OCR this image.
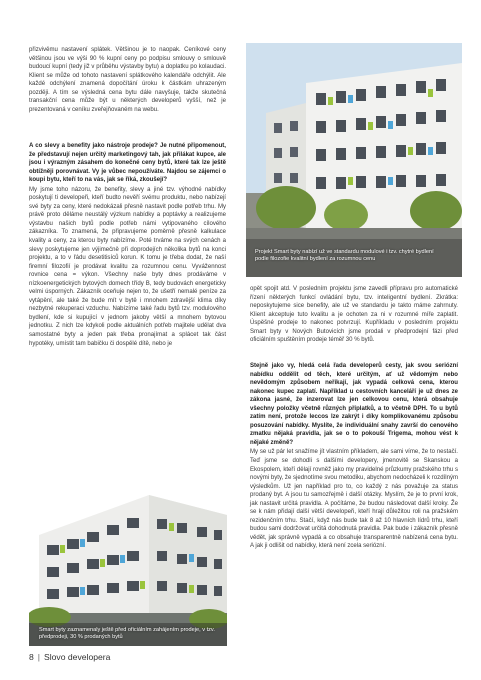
přizvivěmu nastavení splátek. Většinou je to naopak. Ceníkové ceny většinou jsou ve výši 90 % kupní ceny po podpisu smlouvy o smlouvě budoucí kupní (tedy již v průběhu výstavby bytu) a doplatku po kolaudaci. Klient se může od tohoto nastavení splátkového kalendáře odchýlit. Ale každé odchýlení znamená dopočítání úroku k částkám uhrazeným později. A tím se výsledná cena bytu dále navyšuje, takže skutečná transakční cena může být u některých developerů vyšší, než je prezentovaná v ceníku zveřejňovaném na webu.

A co slevy a benefity jako nástroje prodeje? Je nutné připomenout, že představují nejen určitý marketingový tah, jak přilákat kupce, ale jsou i výrazným zásahem do konečné ceny bytů, které tak lze ještě obtížněji porovnávat. Vy je vůbec nepoužíváte. Najdou se zájemci o koupi bytu, kteří to na vás, jak se říká, zkoušejí?

My jsme toho názoru, že benefity, slevy a jiné tzv. výhodné nabídky poskytují ti developeři, kteří budto nevěří svému produktu, nebo nabízejí své byty za ceny, které nedokázali přesně nastavit podle potřeb trhu. My právě proto děláme neustálý výzkum nabídky a poptávky a realizujeme výstavbu našich bytů podle potřeb námi vytipovaného cílového zákazníka. To znamená, že připravujeme poměrně přesně kalkulace kvality a ceny, za kterou byty nabízíme. Poté trváme na svých cenách a slevy poskytujeme jen výjimečně při doprodejích několika bytů na konci projektu, a to v řádu desetitisíců korun. K tomu je třeba dodat, že naší firemní filozofií je prodávat kvalitu za rozumnou cenu. Vyvážennost rovnice cena = výkon. Všechny naše byty dnes prodáváme v nízkoenergetických bytových domech třídy B, tedy budovách energeticky velmi úsporných. Zákazník oceňuje nejen to, že ušetří nemalé peníze za vytápění, ale také že bude mít v bytě i mnohem zdravější klima díky nezbytné rekuperaci vzduchu. Nabízíme také řadu bytů tzv. modulového bydlení, kde si kupující v jednom jakoby větší a mnohem bytovou jednotku. Z nich lze kdykoli podle aktuálních potřeb majitele udělat dva samostatné byty a jeden pak třeba pronajímat a splácet tak část hypotéky, umístit tam babičku či dospělé dítě, nebo je

Projekt Smart byty nabízí už ve standardu modulové i tzv. chytré bydlení podle filozofie kvalitní bydlení za rozumnou cenu

opět spojit atd. V posledním projektu jsme zavedli přípravu pro automatické řízení některých funkcí ovládání bytu, tzv. inteligentní bydlení. Zkrátka: neposkytujeme sice benefity, ale už ve standardu je takto máme zahrnuty. Klient akceptuje tuto kvalitu a je ochoten za ni v rozumné míře zaplatit. Úspěšné prodeje to nakonec potvrzují. Kupříkladu v posledním projektu Smart byty v Nových Butovicích jsme prodali v předprodejní fázi před oficiálním spuštěním prodeje téměř 30 % bytů.

Stejně jako vy, hledá celá řada developerů cesty, jak svou seriózní nabídku oddělit od těch, které určitým, ať už vědomým nebo nevědomým způsobem neříkají, jak vypadá celková cena, kterou nakonec kupec zaplatí. Například u cestovních kanceláří je už dnes ze zákona jasné, že inzerovat lze jen celkovou cenu, která obsahuje všechny položky včetně různých příplatků, a to včetně DPH. To u bytů zatím není, protože leccos lze zakrýt i díky komplikovanému způsobu posuzování nabídky. Myslíte, že individuální snahy završí do cenového zmatku nějaká pravidla, jak se o to pokouší Trigema, mohou vést k nějaké změně?

My se už pár let snažíme jít vlastním příkladem, ale sami víme, že to nestačí. Teď jsme se dohodli s dalšími developery, jmenovitě se Skanskou a Ekospolem, kteří dělají rovněž jako my pravidelné průzkumy pražského trhu s novými byty, že sjednotíme svou metodiku, abychom nedocházeli k rozdílným výsledkům. Už jen například pro to, co každý z nás považuje za status prodaný byt. A jsou tu samozřejmě i další otázky. Myslím, že je to první krok, jak nastavit určitá pravidla. A počítáme, že budou následovat další kroky. Že se k nám přidají další větší developeři, kteří hrají důležitou roli na pražském rezidenčním trhu. Stačí, když nás bude tak 8 až 10 hlavních lídrů trhu, kteří budou sami dodržovat určitá dohodnutá pravidla. Pak bude i zákazník přesně vědět, jak správně vypadá a co obsahuje transparentně nabízená cena bytu. A jak ji odlišit od nabídky, která není zcela seriózní.

Smart byty zaznamenaly ještě před oficiálním zahájením prodeje, v tzv. předprodeji, 30 % prodaných bytů
8 | Slovo developera
